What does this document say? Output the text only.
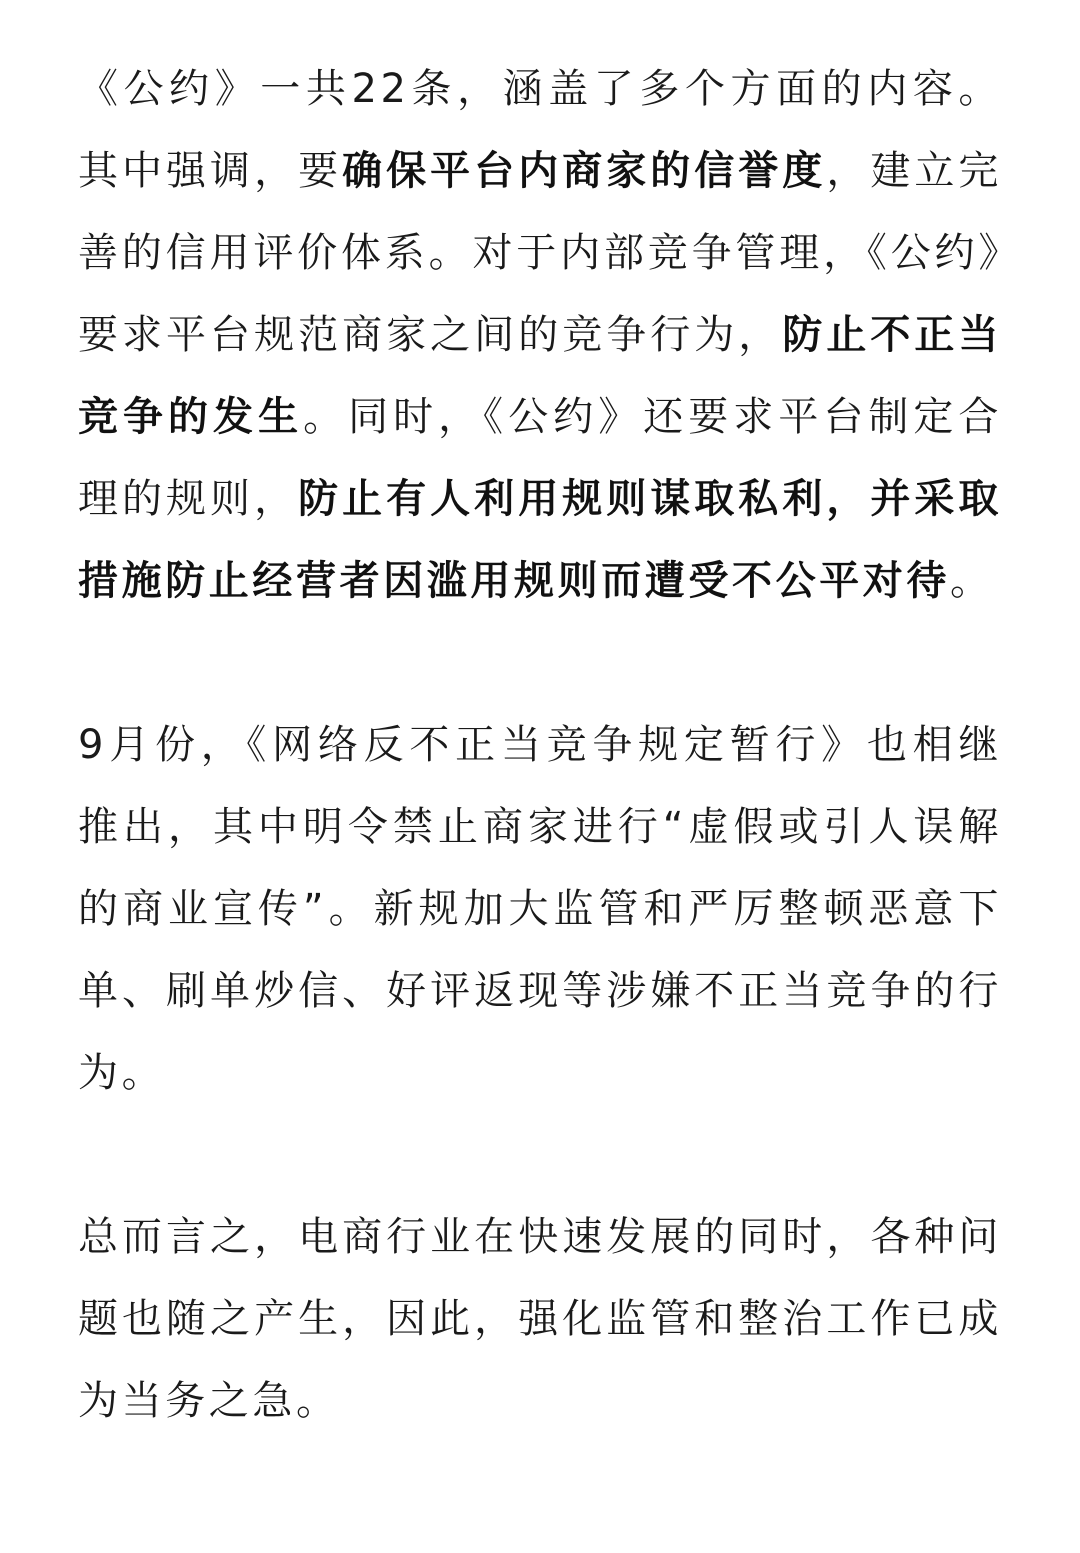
《公约》一共22条，涵盖了多个方面的内容。其中强调，要确保平台内商家的信誉度，建立完善的信用评价体系。对于内部竞争管理，《公约》要求平台规范商家之间的竞争行为，防止不正当竞争的发生。同时，《公约》还要求平台制定合理的规则，防止有人利用规则谋取私利，并采取措施防止经营者因滥用规则而遭受不公平对待。

9月份，《网络反不正当竞争规定暂行》也相继推出，其中明令禁止商家进行“虚假或引人误解的商业宣传”。新规加大监管和严厉整顿恶意下单、刷单炒信、好评返现等涉嫌不正当竞争的行为。

总而言之，电商行业在快速发展的同时，各种问题也随之产生，因此，强化监管和整治工作已成为当务之急。
